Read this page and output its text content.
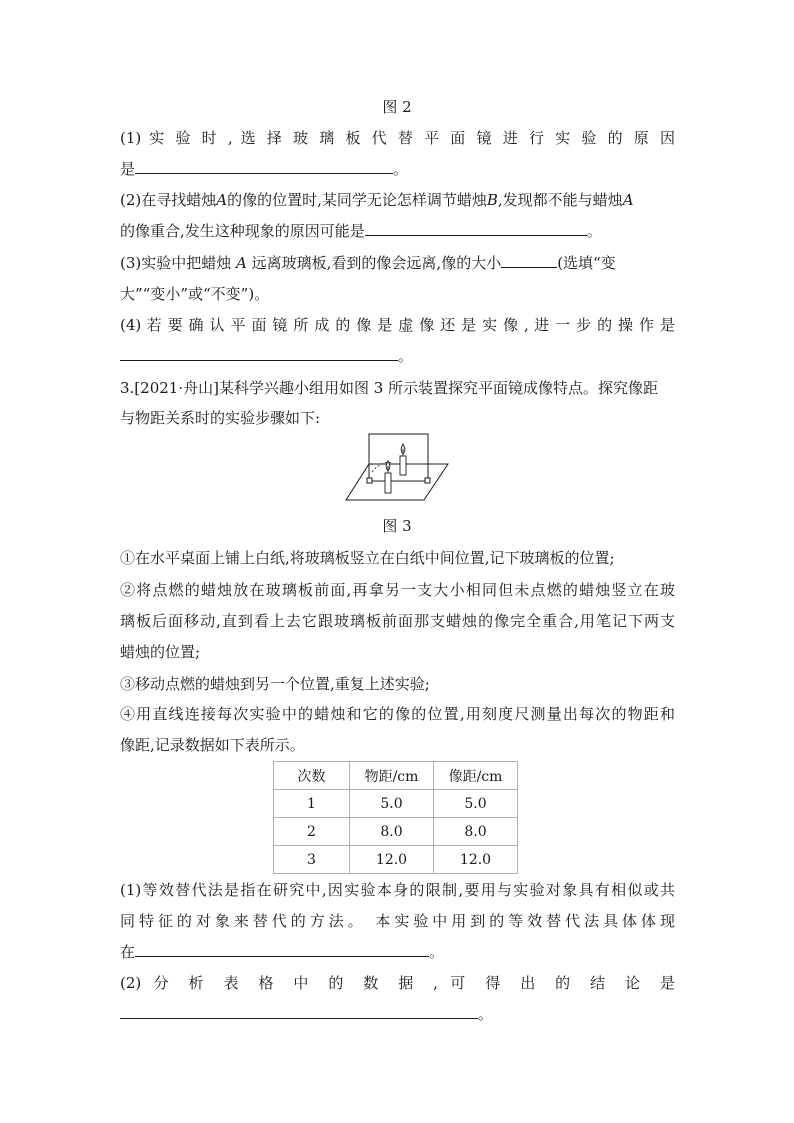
图 2
(1) 实 验 时 , 选 择 玻 璃 板 代 替 平 面 镜 进 行 实 验 的 原 因
是	。
(2)在寻找蜡烛A的像的位置时,某同学无论怎样调节蜡烛B,发现都不能与蜡烛A
的像重合,发生这种现象的原因可能是	。
(3)实验中把蜡烛 A 远离玻璃板,看到的像会远离,像的大小	(选填“变
大”“变小”或“不变”)。
(4) 若 要 确 认 平 面 镜 所 成 的 像 是 虚 像 还 是 实 像 , 进 一 步 的 操 作 是
。
3.[2021·舟山]某科学兴趣小组用如图 3 所示装置探究平面镜成像特点。探究像距
与物距关系时的实验步骤如下:
图 3
①在水平桌面上铺上白纸,将玻璃板竖立在白纸中间位置,记下玻璃板的位置;
②将点燃的蜡烛放在玻璃板前面,再拿另一支大小相同但未点燃的蜡烛竖立在玻
璃板后面移动,直到看上去它跟玻璃板前面那支蜡烛的像完全重合,用笔记下两支
蜡烛的位置;
③移动点燃的蜡烛到另一个位置,重复上述实验;
④用直线连接每次实验中的蜡烛和它的像的位置,用刻度尺测量出每次的物距和
像距,记录数据如下表所示。
次数	物距/cm	像距/cm
1	5.0	5.0
2	8.0	8.0
3	12.0	12.0
(1)等效替代法是指在研究中,因实验本身的限制,要用与实验对象具有相似或共
同特征的对象来替代的方法。 本实验中用到的等效替代法具体体现
在	。
(2) 分 析 表 格 中 的 数 据 , 可 得 出 的 结 论 是
。
